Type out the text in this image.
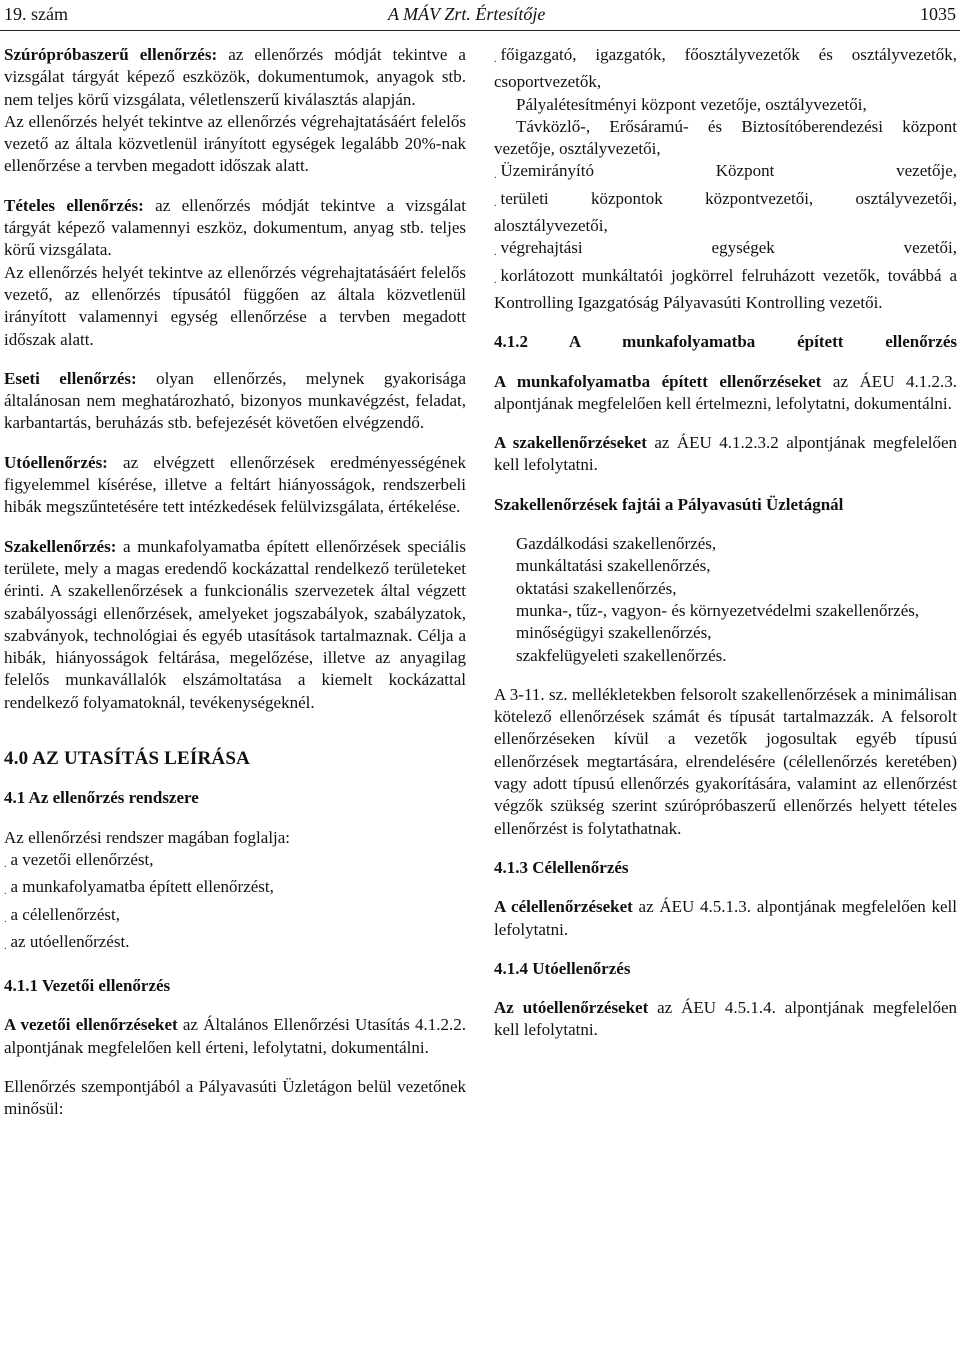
19. szám	A MÁV Zrt. Értesítője	1035

Szúrópróbaszerű ellenőrzés: az ellenőrzés módját tekintve a vizsgálat tárgyát képező eszközök, dokumentumok, anyagok stb. nem teljes körű vizsgálata, véletlenszerű kiválasztás alapján.

Az ellenőrzés helyét tekintve az ellenőrzés végrehajtatásáért felelős vezető az általa közvetlenül irányított egységek legalább 20%-nak ellenőrzése a tervben megadott időszak alatt.

Tételes ellenőrzés: az ellenőrzés módját tekintve a vizsgálat tárgyát képező valamennyi eszköz, dokumentum, anyag stb. teljes körű vizsgálata.

Az ellenőrzés helyét tekintve az ellenőrzés végrehajtatásáért felelős vezető, az ellenőrzés típusától függően az általa közvetlenül irányított valamennyi egység ellenőrzése a tervben megadott időszak alatt.

Eseti ellenőrzés: olyan ellenőrzés, melynek gyakorisága általánosan nem meghatározható, bizonyos munkavégzést, feladat, karbantartás, beruházás stb. befejezését követően elvégzendő.

Utóellenőrzés: az elvégzett ellenőrzések eredményességének figyelemmel kísérése, illetve a feltárt hiányosságok, rendszerbeli hibák megszűntetésére tett intézkedések felülvizsgálata, értékelése.

Szakellenőrzés: a munkafolyamatba épített ellenőrzések speciális területe, mely a magas eredendő kockázattal rendelkező területeket érinti. A szakellenőrzések a funkcionális szervezetek által végzett szabályossági ellenőrzések, amelyeket jogszabályok, szabályzatok, szabványok, technológiai és egyéb utasítások tartalmaznak. Célja a hibák, hiányosságok feltárása, megelőzése, illetve az anyagilag felelős munkavállalók elszámoltatása a kiemelt kockázattal rendelkező folyamatoknál, tevékenységeknél.

4.0 AZ UTASÍTÁS LEÍRÁSA
4.1 Az ellenőrzés rendszere

Az ellenőrzési rendszer magában foglalja:

. a vezetői ellenőrzést,

. a munkafolyamatba épített ellenőrzést,

. a célellenőrzést,

. az utóellenőrzést.

4.1.1 Vezetői ellenőrzés

A vezetői ellenőrzéseket az Általános Ellenőrzési Utasítás 4.1.2.2. alpontjának megfelelően kell érteni, lefolytatni, dokumentálni.

Ellenőrzés szempontjából a Pályavasúti Üzletágon belül vezetőnek minősül:

. főigazgató, igazgatók, főosztályvezetők és osztályvezetők, csoportvezetők,

Pályalétesítményi központ vezetője, osztályvezetői,

Távközlő-, Erősáramú- és Biztosítóberendezési központ vezetője, osztályvezetői,

. Üzemirányító Központ vezetője,

. területi központok központvezetői, osztályvezetői, alosztályvezetői,

. végrehajtási egységek vezetői,

. korlátozott munkáltatói jogkörrel felruházott vezetők, továbbá a Kontrolling Igazgatóság Pályavasúti Kontrolling vezetői.

4.1.2 A munkafolyamatba épített ellenőrzés

A munkafolyamatba épített ellenőrzéseket az ÁEU 4.1.2.3. alpontjának megfelelően kell értelmezni, lefolytatni, dokumentálni.

A szakellenőrzéseket az ÁEU 4.1.2.3.2 alpontjának megfelelően kell lefolytatni.

Szakellenőrzések fajtái a Pályavasúti Üzletágnál

Gazdálkodási szakellenőrzés,

munkáltatási szakellenőrzés,

oktatási szakellenőrzés,

munka-, tűz-, vagyon- és környezetvédelmi szakellenőrzés,

minőségügyi szakellenőrzés,

szakfelügyeleti szakellenőrzés.

A 3-11. sz. mellékletekben felsorolt szakellenőrzések a minimálisan kötelező ellenőrzések számát és típusát tartalmazzák. A felsorolt ellenőrzéseken kívül a vezetők jogosultak egyéb típusú ellenőrzések megtartására, elrendelésére (célellenőrzés keretében) vagy adott típusú ellenőrzés gyakorítására, valamint az ellenőrzést végzők szükség szerint szúrópróbaszerű ellenőrzés helyett tételes ellenőrzést is folytathatnak.

4.1.3 Célellenőrzés

A célellenőrzéseket az ÁEU 4.5.1.3. alpontjának megfelelően kell lefolytatni.

4.1.4 Utóellenőrzés

Az utóellenőrzéseket az ÁEU 4.5.1.4. alpontjának megfelelően kell lefolytatni.
